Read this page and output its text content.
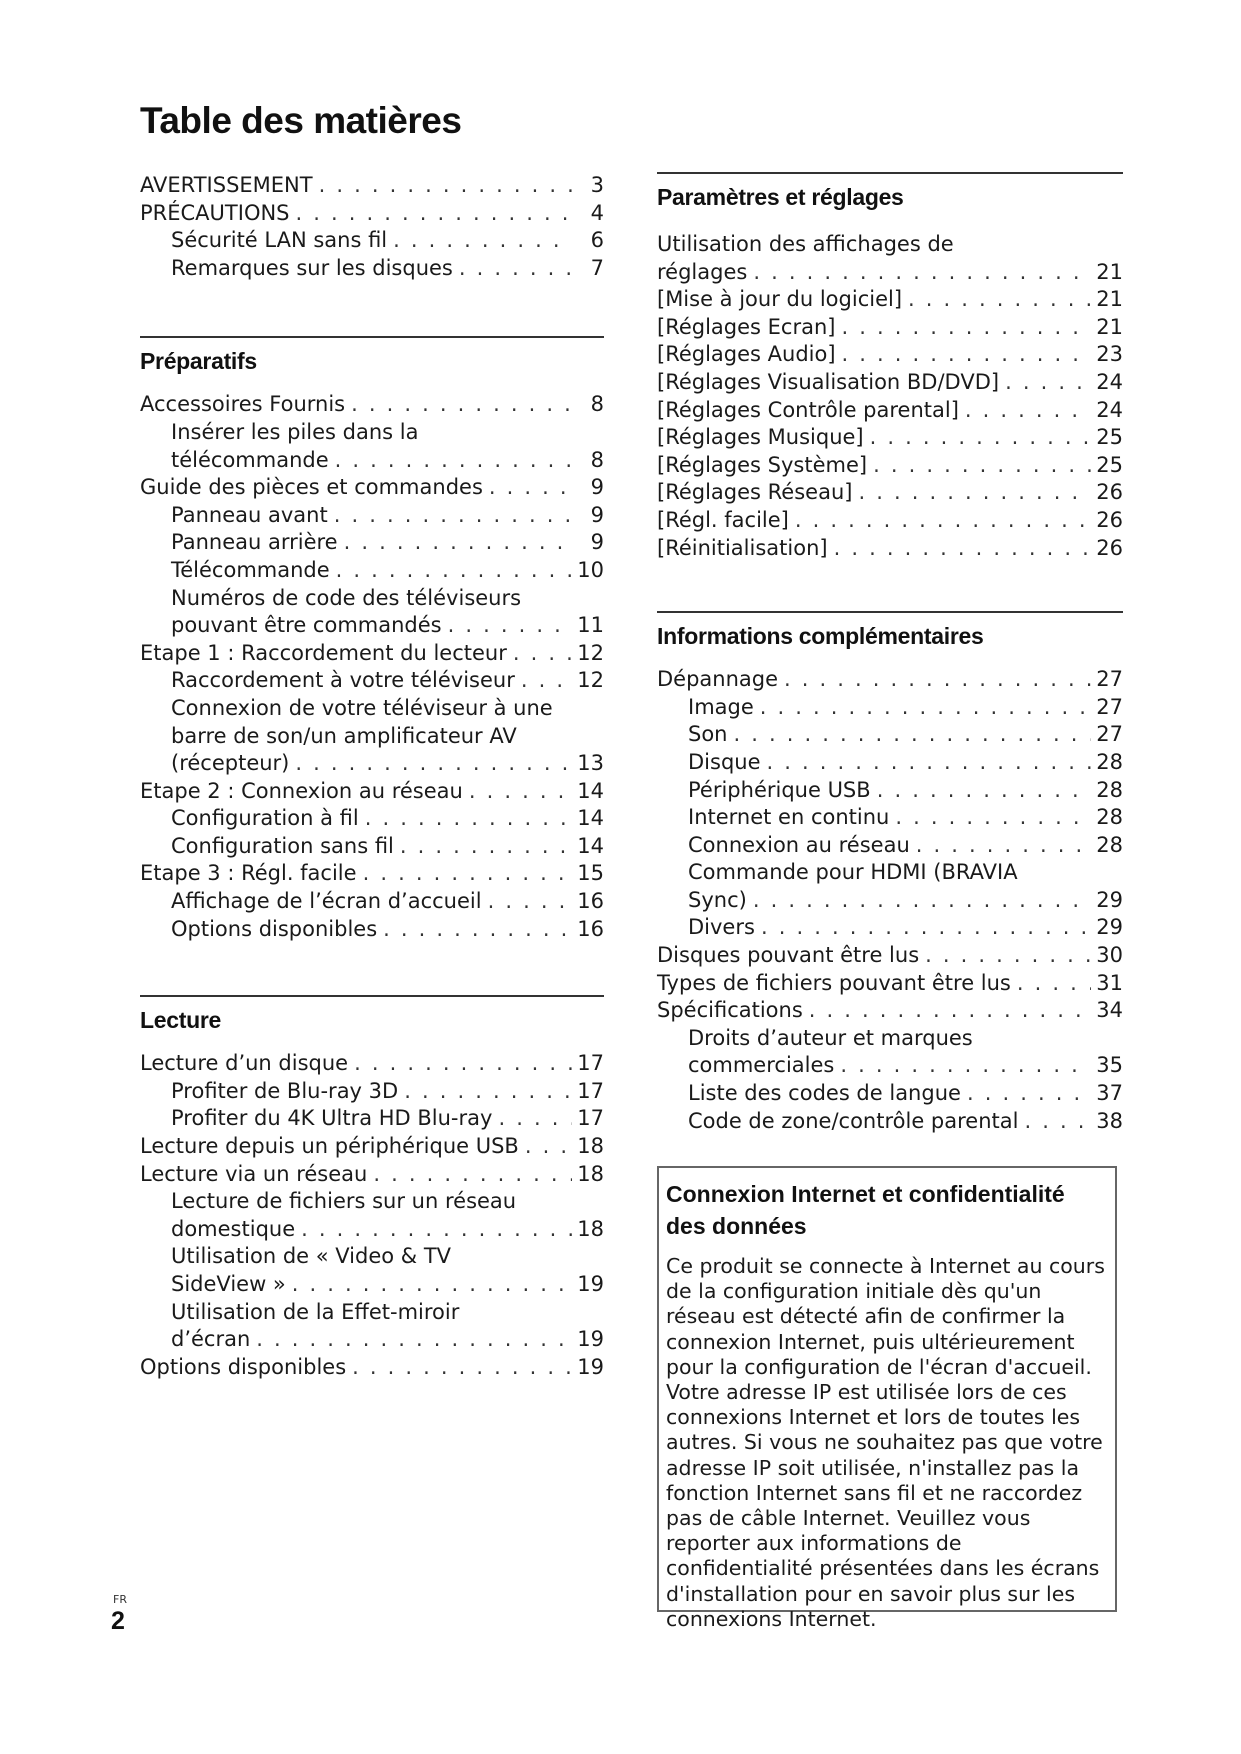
Table des matières
AVERTISSEMENT . . .	3
PRÉCAUTIONS . . .	4
Sécurité LAN sans fil . . .	6
Remarques sur les disques . . .	7
Préparatifs
Accessoires Fournis . . .	8
Insérer les piles dans la
télécommande . . .	8
Guide des pièces et commandes . . .	9
Panneau avant . . .	9
Panneau arrière . . .	9
Télécommande . . .	10
Numéros de code des téléviseurs
pouvant être commandés . . .	11
Etape 1 : Raccordement du lecteur . . .	12
Raccordement à votre téléviseur . . .	12
Connexion de votre téléviseur à une
barre de son/un amplificateur AV
(récepteur) . . .	13
Etape 2 : Connexion au réseau . . .	14
Configuration à fil . . .	14
Configuration sans fil . . .	14
Etape 3 : Régl. facile . . .	15
Affichage de l’écran d’accueil . . .	16
Options disponibles . . .	16
Lecture
Lecture d’un disque . . .	17
Profiter de Blu-ray 3D . . .	17
Profiter du 4K Ultra HD Blu-ray . . .	17
Lecture depuis un périphérique USB . . .	18
Lecture via un réseau . . .	18
Lecture de fichiers sur un réseau
domestique . . .	18
Utilisation de « Video & TV
SideView » . . .	19
Utilisation de la Effet-miroir
d’écran . . .	19
Options disponibles . . .	19
Paramètres et réglages
Utilisation des affichages de
réglages . . .	21
[Mise à jour du logiciel] . . .	21
[Réglages Ecran] . . .	21
[Réglages Audio] . . .	23
[Réglages Visualisation BD/DVD] . . .	24
[Réglages Contrôle parental] . . .	24
[Réglages Musique] . . .	25
[Réglages Système] . . .	25
[Réglages Réseau] . . .	26
[Régl. facile] . . .	26
[Réinitialisation] . . .	26
Informations complémentaires
Dépannage . . .	27
Image . . .	27
Son . . .	27
Disque . . .	28
Périphérique USB . . .	28
Internet en continu . . .	28
Connexion au réseau . . .	28
Commande pour HDMI (BRAVIA
Sync) . . .	29
Divers . . .	29
Disques pouvant être lus . . .	30
Types de fichiers pouvant être lus . . .	31
Spécifications . . .	34
Droits d’auteur et marques
commerciales . . .	35
Liste des codes de langue . . .	37
Code de zone/contrôle parental . . .	38
Connexion Internet et confidentialité des données
Ce produit se connecte à Internet au cours de la configuration initiale dès qu'un réseau est détecté afin de confirmer la connexion Internet, puis ultérieurement pour la configuration de l'écran d'accueil. Votre adresse IP est utilisée lors de ces connexions Internet et lors de toutes les autres. Si vous ne souhaitez pas que votre adresse IP soit utilisée, n'installez pas la fonction Internet sans fil et ne raccordez pas de câble Internet. Veuillez vous reporter aux informations de confidentialité présentées dans les écrans d'installation pour en savoir plus sur les connexions Internet.
FR
2
